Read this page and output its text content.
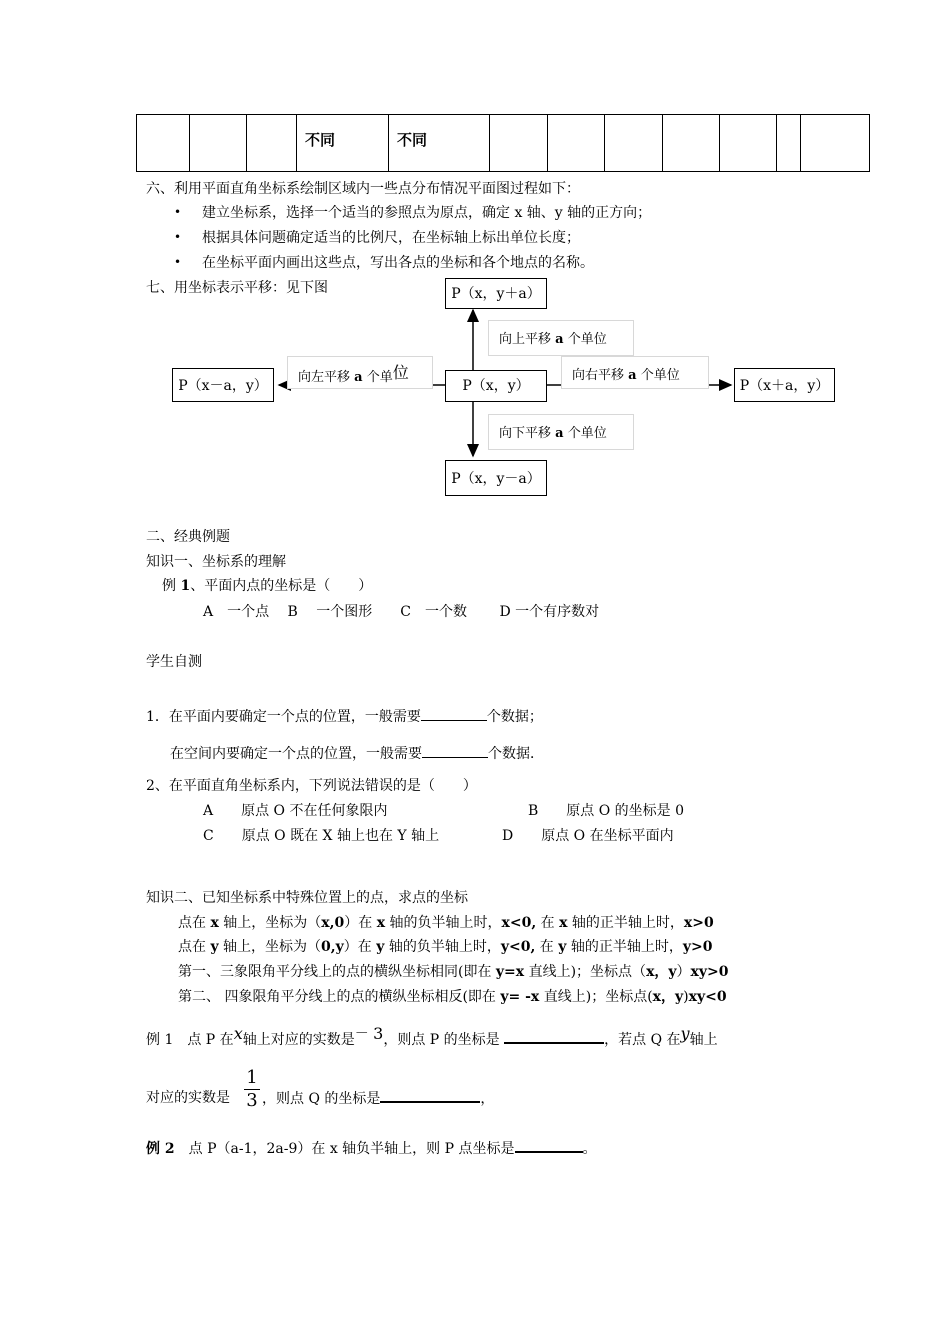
不同	不同
六、利用平面直角坐标系绘制区域内一些点分布情况平面图过程如下：
• 建立坐标系，选择一个适当的参照点为原点，确定 x 轴、y 轴的正方向；
• 根据具体问题确定适当的比例尺，在坐标轴上标出单位长度；
• 在坐标平面内画出这些点，写出各点的坐标和各个地点的名称。
七、用坐标表示平移：见下图
向上平移 a 个单位
向下平移 a 个单位
向左平移 a 个单位	向右平移 a 个单位
P（x，y＋a）
P（x，y）
P（x，y－a）
P（x－a，y）	P（x＋a，y）
二、经典例题
知识一、坐标系的理解
例 1、平面内点的坐标是（　　）
A　一个点　 B　 一个图形　　C　一个数　　 D 一个有序数对
学生自测
1．在平面内要确定一个点的位置，一般需要	个数据；
在空间内要确定一个点的位置，一般需要	个数据．
2、在平面直角坐标系内，下列说法错误的是（　　）
A　　原点 O 不在任何象限内	B　　原点 O 的坐标是 0
C　　原点 O 既在 X 轴上也在 Y 轴上	D　　原点 O 在坐标平面内
知识二、已知坐标系中特殊位置上的点，求点的坐标
点在 x 轴上，坐标为（x,0）在 x 轴的负半轴上时，x<0, 在 x 轴的正半轴上时，x>0
点在 y 轴上，坐标为（0,y）在 y 轴的负半轴上时，y<0, 在 y 轴的正半轴上时，y>0
第一、三象限角平分线上的点的横纵坐标相同(即在 y=x 直线上)；坐标点（x，y）xy>0
第二、 四象限角平分线上的点的横纵坐标相反(即在 y= -x 直线上)；坐标点(x，y)xy<0
例 1　点 P 在x轴上对应的实数是－ 3，则点 P 的坐标是	，若点 Q 在y轴上
对应的实数是
1
3 ，则点 Q 的坐标是	，
例 2　点 P（a-1，2a-9）在 x 轴负半轴上，则 P 点坐标是	。
